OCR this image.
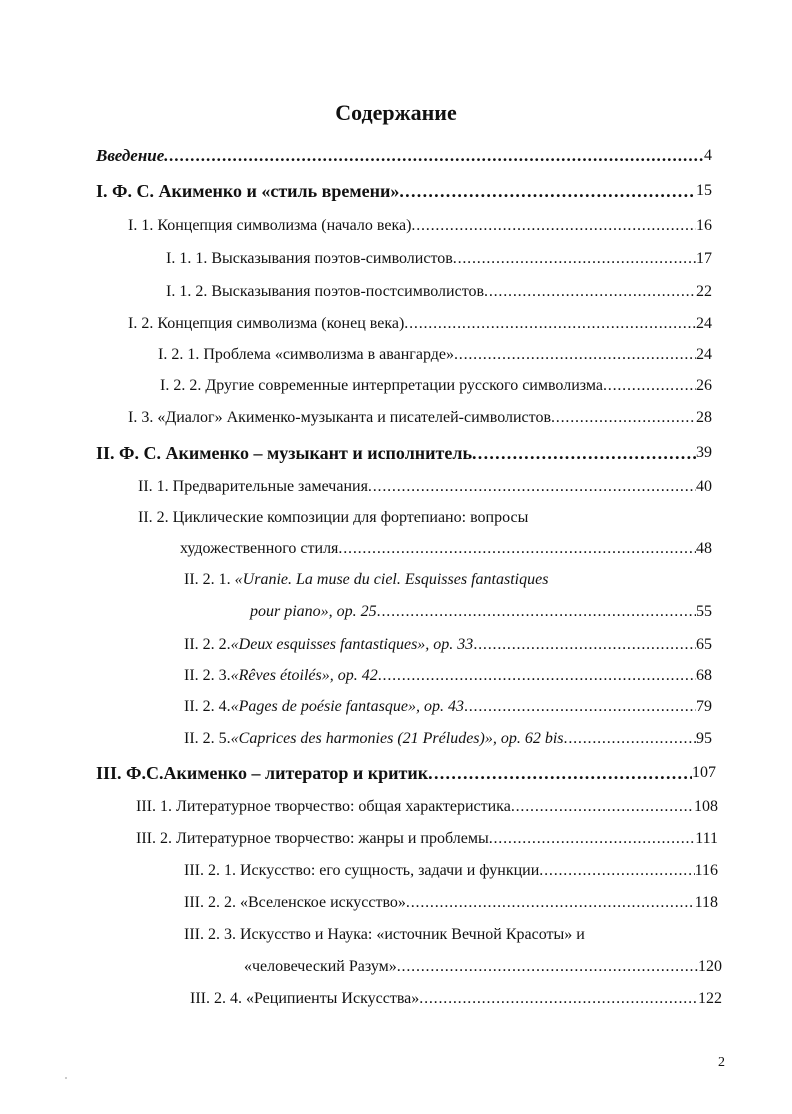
Содержание
Введение . . .	4
I. Ф. С. Акименко и «стиль времени» . . .	15
I. 1. Концепция символизма (начало века) . . .	16
I. 1. 1. Высказывания поэтов-символистов . . .	17
I. 1. 2. Высказывания поэтов-постсимволистов . . .	22
I. 2. Концепция символизма (конец века) . . .	24
I. 2. 1. Проблема «символизма в авангарде» . . .	24
I. 2. 2. Другие современные интерпретации русского символизма . . .	26
I. 3. «Диалог» Акименко-музыканта и писателей-символистов . . .	28
II. Ф. С. Акименко – музыкант и исполнитель . . .	39
II. 1. Предварительные замечания . . .	40
II. 2. Циклические композиции для фортепиано: вопросы
художественного стиля . . .	48
II. 2. 1. «Uranie. La muse du ciel. Esquisses fantastiques
pour piano», op. 25 . . .	55
II. 2. 2. «Deux esquisses fantastiques», op. 33 . . .	65
II. 2. 3. «Rêves étoilés», op. 42 . . .	68
II. 2. 4. «Pages de poésie fantasque», op. 43 . . .	79
II. 2. 5. «Caprices des harmonies (21 Préludes)», op. 62 bis . . .	95
III. Ф.С.Акименко – литератор и критик . . .	107
III. 1. Литературное творчество: общая характеристика . . .	108
III. 2. Литературное творчество: жанры и проблемы . . .	111
III. 2. 1. Искусство: его сущность, задачи и функции . . .	116
III. 2. 2. «Вселенское искусство» . . .	118
III. 2. 3. Искусство и Наука: «источник Вечной Красоты» и
«человеческий Разум» . . .	120
III. 2. 4. «Реципиенты Искусства» . . .	122
2
